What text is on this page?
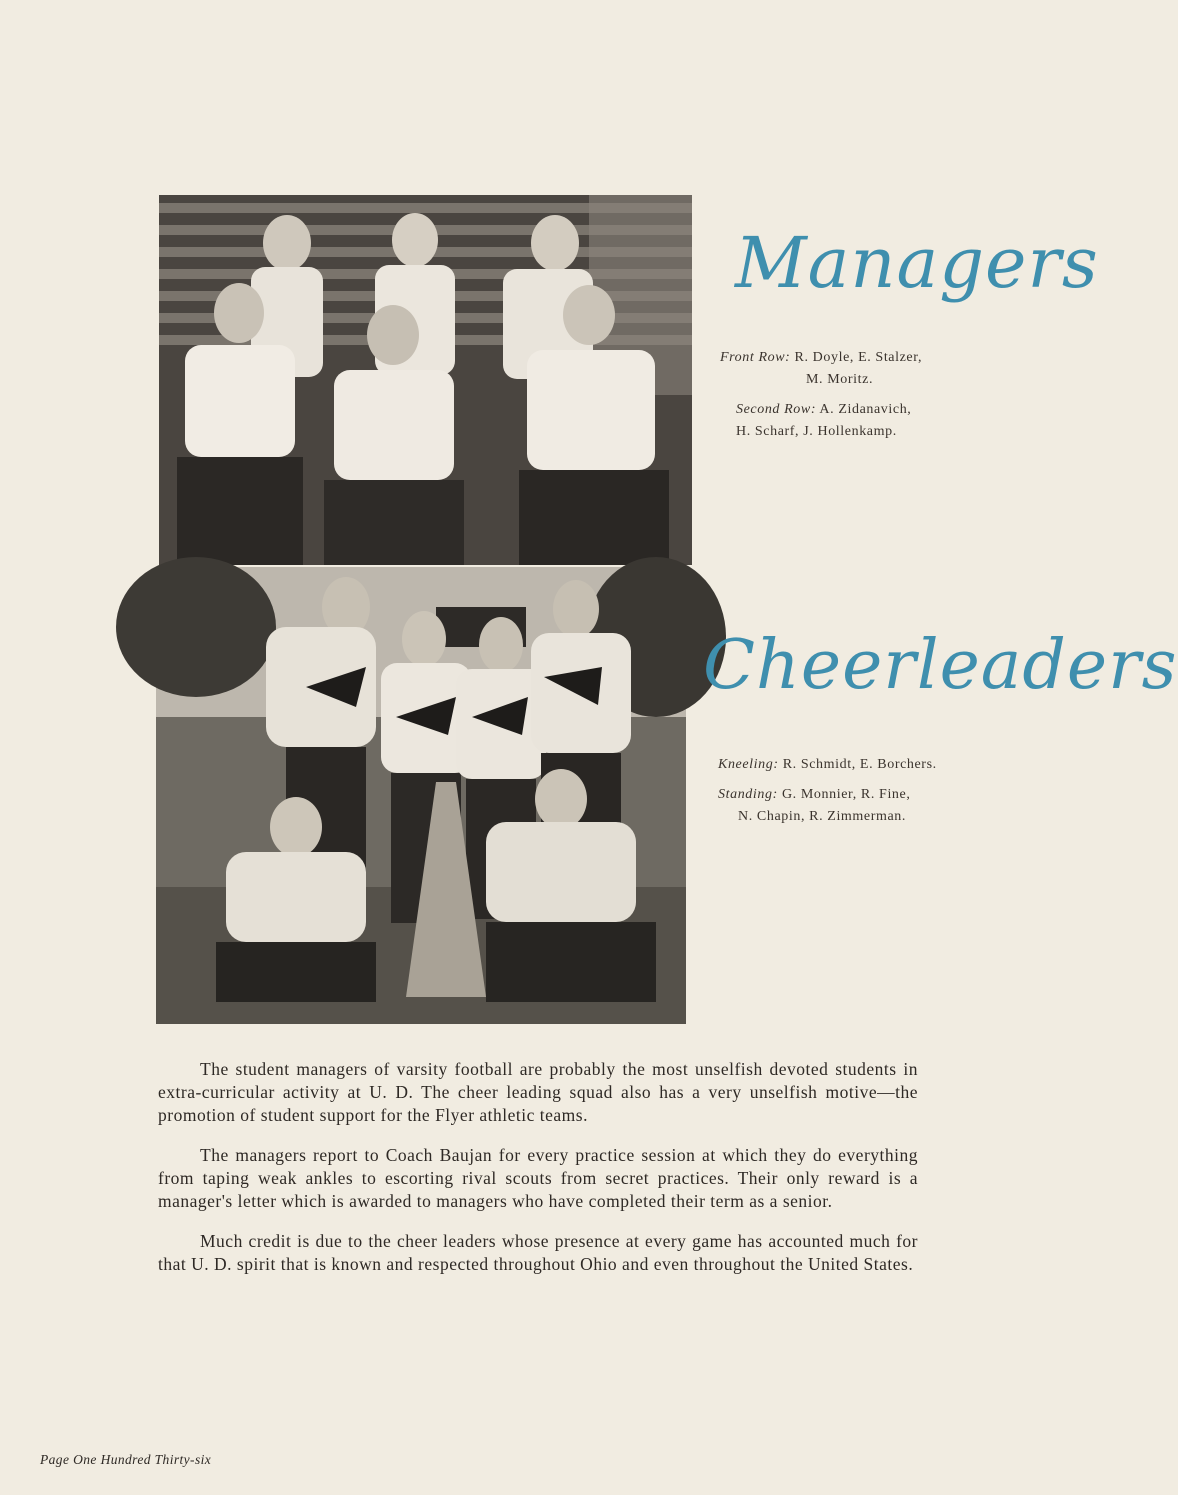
Managers

Front Row: R. Doyle, E. Stalzer,
M. Moritz.

Second Row: A. Zidanavich,
H. Scharf, J. Hollenkamp.

Cheerleaders

Kneeling: R. Schmidt, E. Borchers.

Standing: G. Monnier, R. Fine,
N. Chapin, R. Zimmerman.

The student managers of varsity football are probably the most unselfish devoted students in extra-curricular activity at U. D. The cheer leading squad also has a very unselfish motive—the promotion of student support for the Flyer athletic teams.

The managers report to Coach Baujan for every practice session at which they do everything from taping weak ankles to escorting rival scouts from secret practices. Their only reward is a manager's letter which is awarded to managers who have completed their term as a senior.

Much credit is due to the cheer leaders whose presence at every game has accounted much for that U. D. spirit that is known and respected throughout Ohio and even throughout the United States.

Page One Hundred Thirty-six
